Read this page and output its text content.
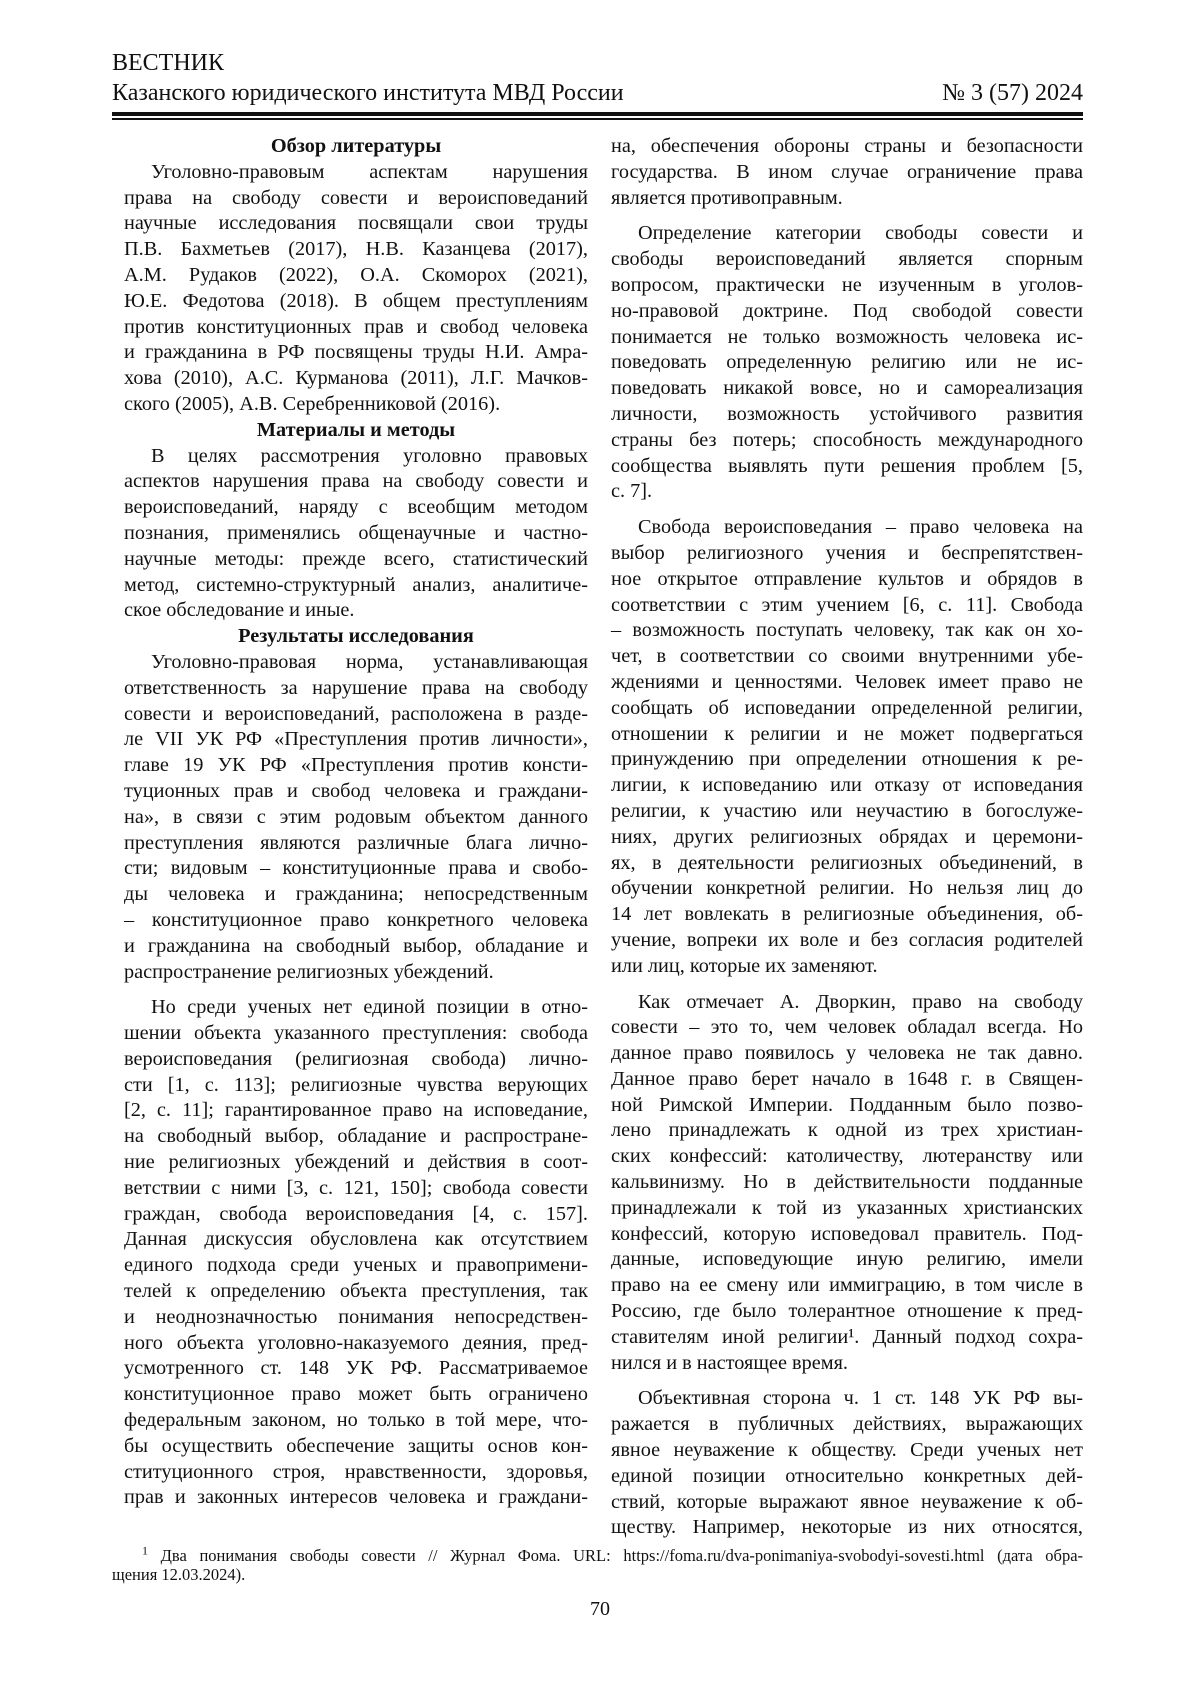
ВЕСТНИК
Казанского юридического института МВД России	№ 3 (57) 2024
Обзор литературы
Уголовно-правовым аспектам нарушения
права на свободу совести и вероисповеданий
научные исследования посвящали свои труды
П.В. Бахметьев (2017), Н.В. Казанцева (2017),
А.М. Рудаков (2022), О.А. Скоморох (2021),
Ю.Е. Федотова (2018). В общем преступлениям
против конституционных прав и свобод человека
и гражданина в РФ посвящены труды Н.И. Амра-
хова (2010), А.С. Курманова (2011), Л.Г. Мачков-
ского (2005), А.В. Серебренниковой (2016).
Материалы и методы
В целях рассмотрения уголовно правовых
аспектов нарушения права на свободу совести и
вероисповеданий, наряду с всеобщим методом
познания, применялись общенаучные и частно-
научные методы: прежде всего, статистический
метод, системно-структурный анализ, аналитиче-
ское обследование и иные.
Результаты исследования
Уголовно-правовая норма, устанавливающая
ответственность за нарушение права на свободу
совести и вероисповеданий, расположена в разде-
ле VII УК РФ «Преступления против личности»,
главе 19 УК РФ «Преступления против консти-
туционных прав и свобод человека и граждани-
на», в связи с этим родовым объектом данного
преступления являются различные блага лично-
сти; видовым – конституционные права и свобо-
ды человека и гражданина; непосредственным
– конституционное право конкретного человека
и гражданина на свободный выбор, обладание и
распространение религиозных убеждений.
Но среди ученых нет единой позиции в отно-
шении объекта указанного преступления: свобода
вероисповедания (религиозная свобода) лично-
сти [1, с. 113]; религиозные чувства верующих
[2, с. 11]; гарантированное право на исповедание,
на свободный выбор, обладание и распростране-
ние религиозных убеждений и действия в соот-
ветствии с ними [3, с. 121, 150]; свобода совести
граждан, свобода вероисповедания [4, с. 157].
Данная дискуссия обусловлена как отсутствием
единого подхода среди ученых и правопримени-
телей к определению объекта преступления, так
и неоднозначностью понимания непосредствен-
ного объекта уголовно-наказуемого деяния, пред-
усмотренного ст. 148 УК РФ. Рассматриваемое
конституционное право может быть ограничено
федеральным законом, но только в той мере, что-
бы осуществить обеспечение защиты основ кон-
ституционного строя, нравственности, здоровья,
прав и законных интересов человека и граждани-
на, обеспечения обороны страны и безопасности
государства. В ином случае ограничение права
является противоправным.
Определение категории свободы совести и
свободы вероисповеданий является спорным
вопросом, практически не изученным в уголов-
но-правовой доктрине. Под свободой совести
понимается не только возможность человека ис-
поведовать определенную религию или не ис-
поведовать никакой вовсе, но и самореализация
личности, возможность устойчивого развития
страны без потерь; способность международного
сообщества выявлять пути решения проблем [5,
с. 7].
Свобода вероисповедания – право человека на
выбор религиозного учения и беспрепятствен-
ное открытое отправление культов и обрядов в
соответствии с этим учением [6, с. 11]. Свобода
– возможность поступать человеку, так как он хо-
чет, в соответствии со своими внутренними убе-
ждениями и ценностями. Человек имеет право не
сообщать об исповедании определенной религии,
отношении к религии и не может подвергаться
принуждению при определении отношения к ре-
лигии, к исповеданию или отказу от исповедания
религии, к участию или неучастию в богослуже-
ниях, других религиозных обрядах и церемони-
ях, в деятельности религиозных объединений, в
обучении конкретной религии. Но нельзя лиц до
14 лет вовлекать в религиозные объединения, об-
учение, вопреки их воле и без согласия родителей
или лиц, которые их заменяют.
Как отмечает А. Дворкин, право на свободу
совести – это то, чем человек обладал всегда. Но
данное право появилось у человека не так давно.
Данное право берет начало в 1648 г. в Священ-
ной Римской Империи. Подданным было позво-
лено принадлежать к одной из трех христиан-
ских конфессий: католичеству, лютеранству или
кальвинизму. Но в действительности подданные
принадлежали к той из указанных христианских
конфессий, которую исповедовал правитель. Под-
данные, исповедующие иную религию, имели
право на ее смену или иммиграцию, в том числе в
Россию, где было толерантное отношение к пред-
ставителям иной религии¹. Данный подход сохра-
нился и в настоящее время.
Объективная сторона ч. 1 ст. 148 УК РФ вы-
ражается в публичных действиях, выражающих
явное неуважение к обществу. Среди ученых нет
единой позиции относительно конкретных дей-
ствий, которые выражают явное неуважение к об-
ществу. Например, некоторые из них относятся,
1 Два понимания свободы совести // Журнал Фома. URL: https://foma.ru/dva-ponimaniya-svobodyi-sovesti.html (дата обра-
щения 12.03.2024).
70
